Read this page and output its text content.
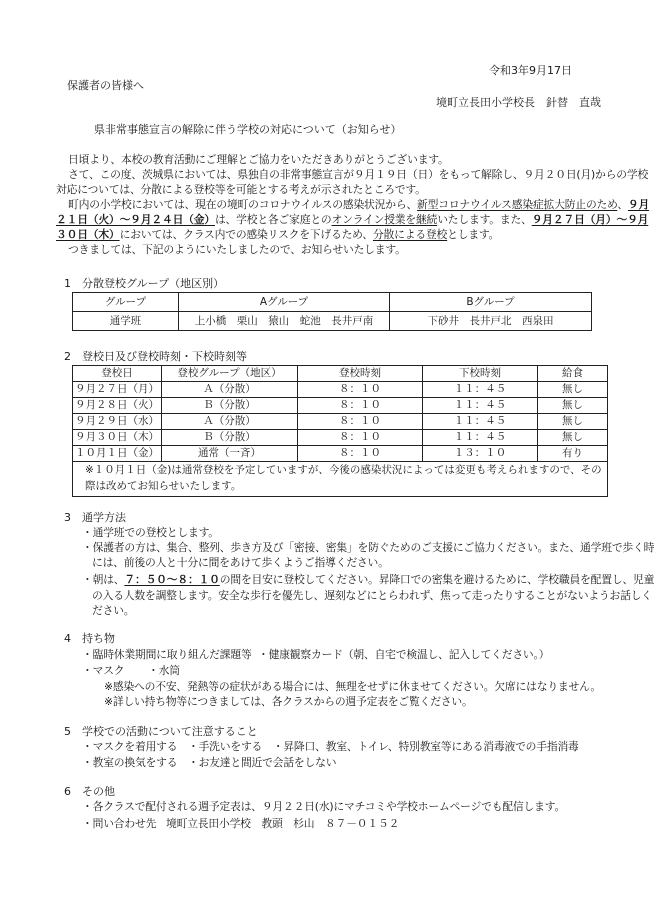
令和3年9月17日
保護者の皆様へ
境町立長田小学校長　針替　直哉
県非常事態宣言の解除に伴う学校の対応について（お知らせ）
日頃より、本校の教育活動にご理解とご協力をいただきありがとうございます。
さて、この度、茨城県においては、県独自の非常事態宣言が９月１９日（日）をもって解除し、９月２０日(月)からの学校
対応については、分散による登校等を可能とする考えが示されたところです。
町内の小学校においては、現在の境町のコロナウイルスの感染状況から、新型コロナウイルス感染症拡大防止のため、９月
２１日（火）～９月２４日（金）は、学校と各ご家庭とのオンライン授業を継続いたします。また、９月２７日（月）～９月
３０日（木）においては、クラス内での感染リスクを下げるため、分散による登校とします。
つきましては、下記のようにいたしましたので、お知らせいたします。
1 分散登校グループ（地区別）
グループ	Aグループ	Bグループ
通学班	上小橋　栗山　猿山　蛇池　長井戸南	下砂井　長井戸北　西泉田
2 登校日及び登校時刻・下校時刻等
登校日	登校グループ（地区）	登校時刻	下校時刻	給食
９月２７日（月）	Ａ（分散）	８：１０	１１：４５	無し
９月２８日（火）	Ｂ（分散）	８：１０	１１：４５	無し
９月２９日（水）	Ａ（分散）	８：１０	１１：４５	無し
９月３０日（木）	Ｂ（分散）	８：１０	１１：４５	無し
１０月１日（金）	通常（一斉）	８：１０	１３：１０	有り
※１０月１日（金)は通常登校を予定していますが、今後の感染状況によっては変更も考えられますので、その際は改めてお知らせいたします。				
3 通学方法
・通学班での登校とします。
・保護者の方は、集合、整列、歩き方及び「密接、密集」を防ぐためのご支援にご協力ください。また、通学班で歩く時
には、前後の人と十分に間をあけて歩くようご指導ください。
・朝は、７：５０～８：１０の間を目安に登校してください。昇降口での密集を避けるために、学校職員を配置し、児童
の入る人数を調整します。安全な歩行を優先し、遅刻などにとらわれず、焦って走ったりすることがないようお話しく
ださい。
4 持ち物
・臨時休業期間に取り組んだ課題等 ・健康観察カード（朝、自宅で検温し、記入してください。）
・マスク ・水筒
※感染への不安、発熱等の症状がある場合には、無理をせずに休ませてください。欠席にはなりません。
※詳しい持ち物等につきましては、各クラスからの週予定表をご覧ください。
5 学校での活動について注意すること
・マスクを着用する　・手洗いをする　・昇降口、教室、トイレ、特別教室等にある消毒液での手指消毒
・教室の換気をする　・お友達と間近で会話をしない
6 その他
・各クラスで配付される週予定表は、９月２２日(水)にマチコミや学校ホームページでも配信します。
・問い合わせ先 境町立長田小学校　教頭　杉山 ８７－０１５２
